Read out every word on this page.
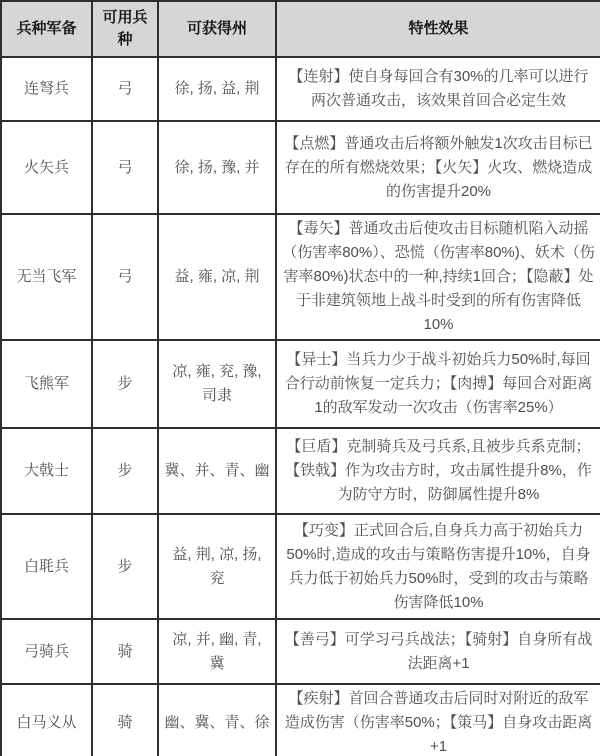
兵种军备	可用兵种	可获得州	特性效果
连弩兵	弓	徐, 扬, 益, 荆	【连射】使自身每回合有30%的几率可以进行两次普通攻击，该效果首回合必定生效
火矢兵	弓	徐, 扬, 豫, 并	【点燃】普通攻击后将额外触发1次攻击目标已存在的所有燃烧效果；【火矢】火攻、燃烧造成的伤害提升20%
无当飞军	弓	益, 雍, 凉, 荆	【毒矢】普通攻击后使攻击目标随机陷入动摇（伤害率80%）、恐慌（伤害率80%)、妖术（伤害率80%)状态中的一种,持续1回合；【隐蔽】处于非建筑领地上战斗时受到的所有伤害降低10%
飞熊军	步	凉, 雍, 兖, 豫, 司隶	【异士】当兵力少于战斗初始兵力50%时,每回合行动前恢复一定兵力；【肉搏】每回合对距离1的敌军发动一次攻击（伤害率25%）
大戟士	步	冀、并、青、幽	【巨盾】克制骑兵及弓兵系,且被步兵系克制；【铁戟】作为攻击方时，攻击属性提升8%，作为防守方时，防御属性提升8%
白毦兵	步	益, 荆, 凉, 扬, 兖	【巧变】正式回合后,自身兵力高于初始兵力50%时,造成的攻击与策略伤害提升10%，自身兵力低于初始兵力50%时，受到的攻击与策略伤害降低10%
弓骑兵	骑	凉, 并, 幽, 青, 冀	【善弓】可学习弓兵战法；【骑射】自身所有战法距离+1
白马义从	骑	幽、冀、青、徐	【疾射】首回合普通攻击后同时对附近的敌军造成伤害（伤害率50%；【策马】自身攻击距离+1
